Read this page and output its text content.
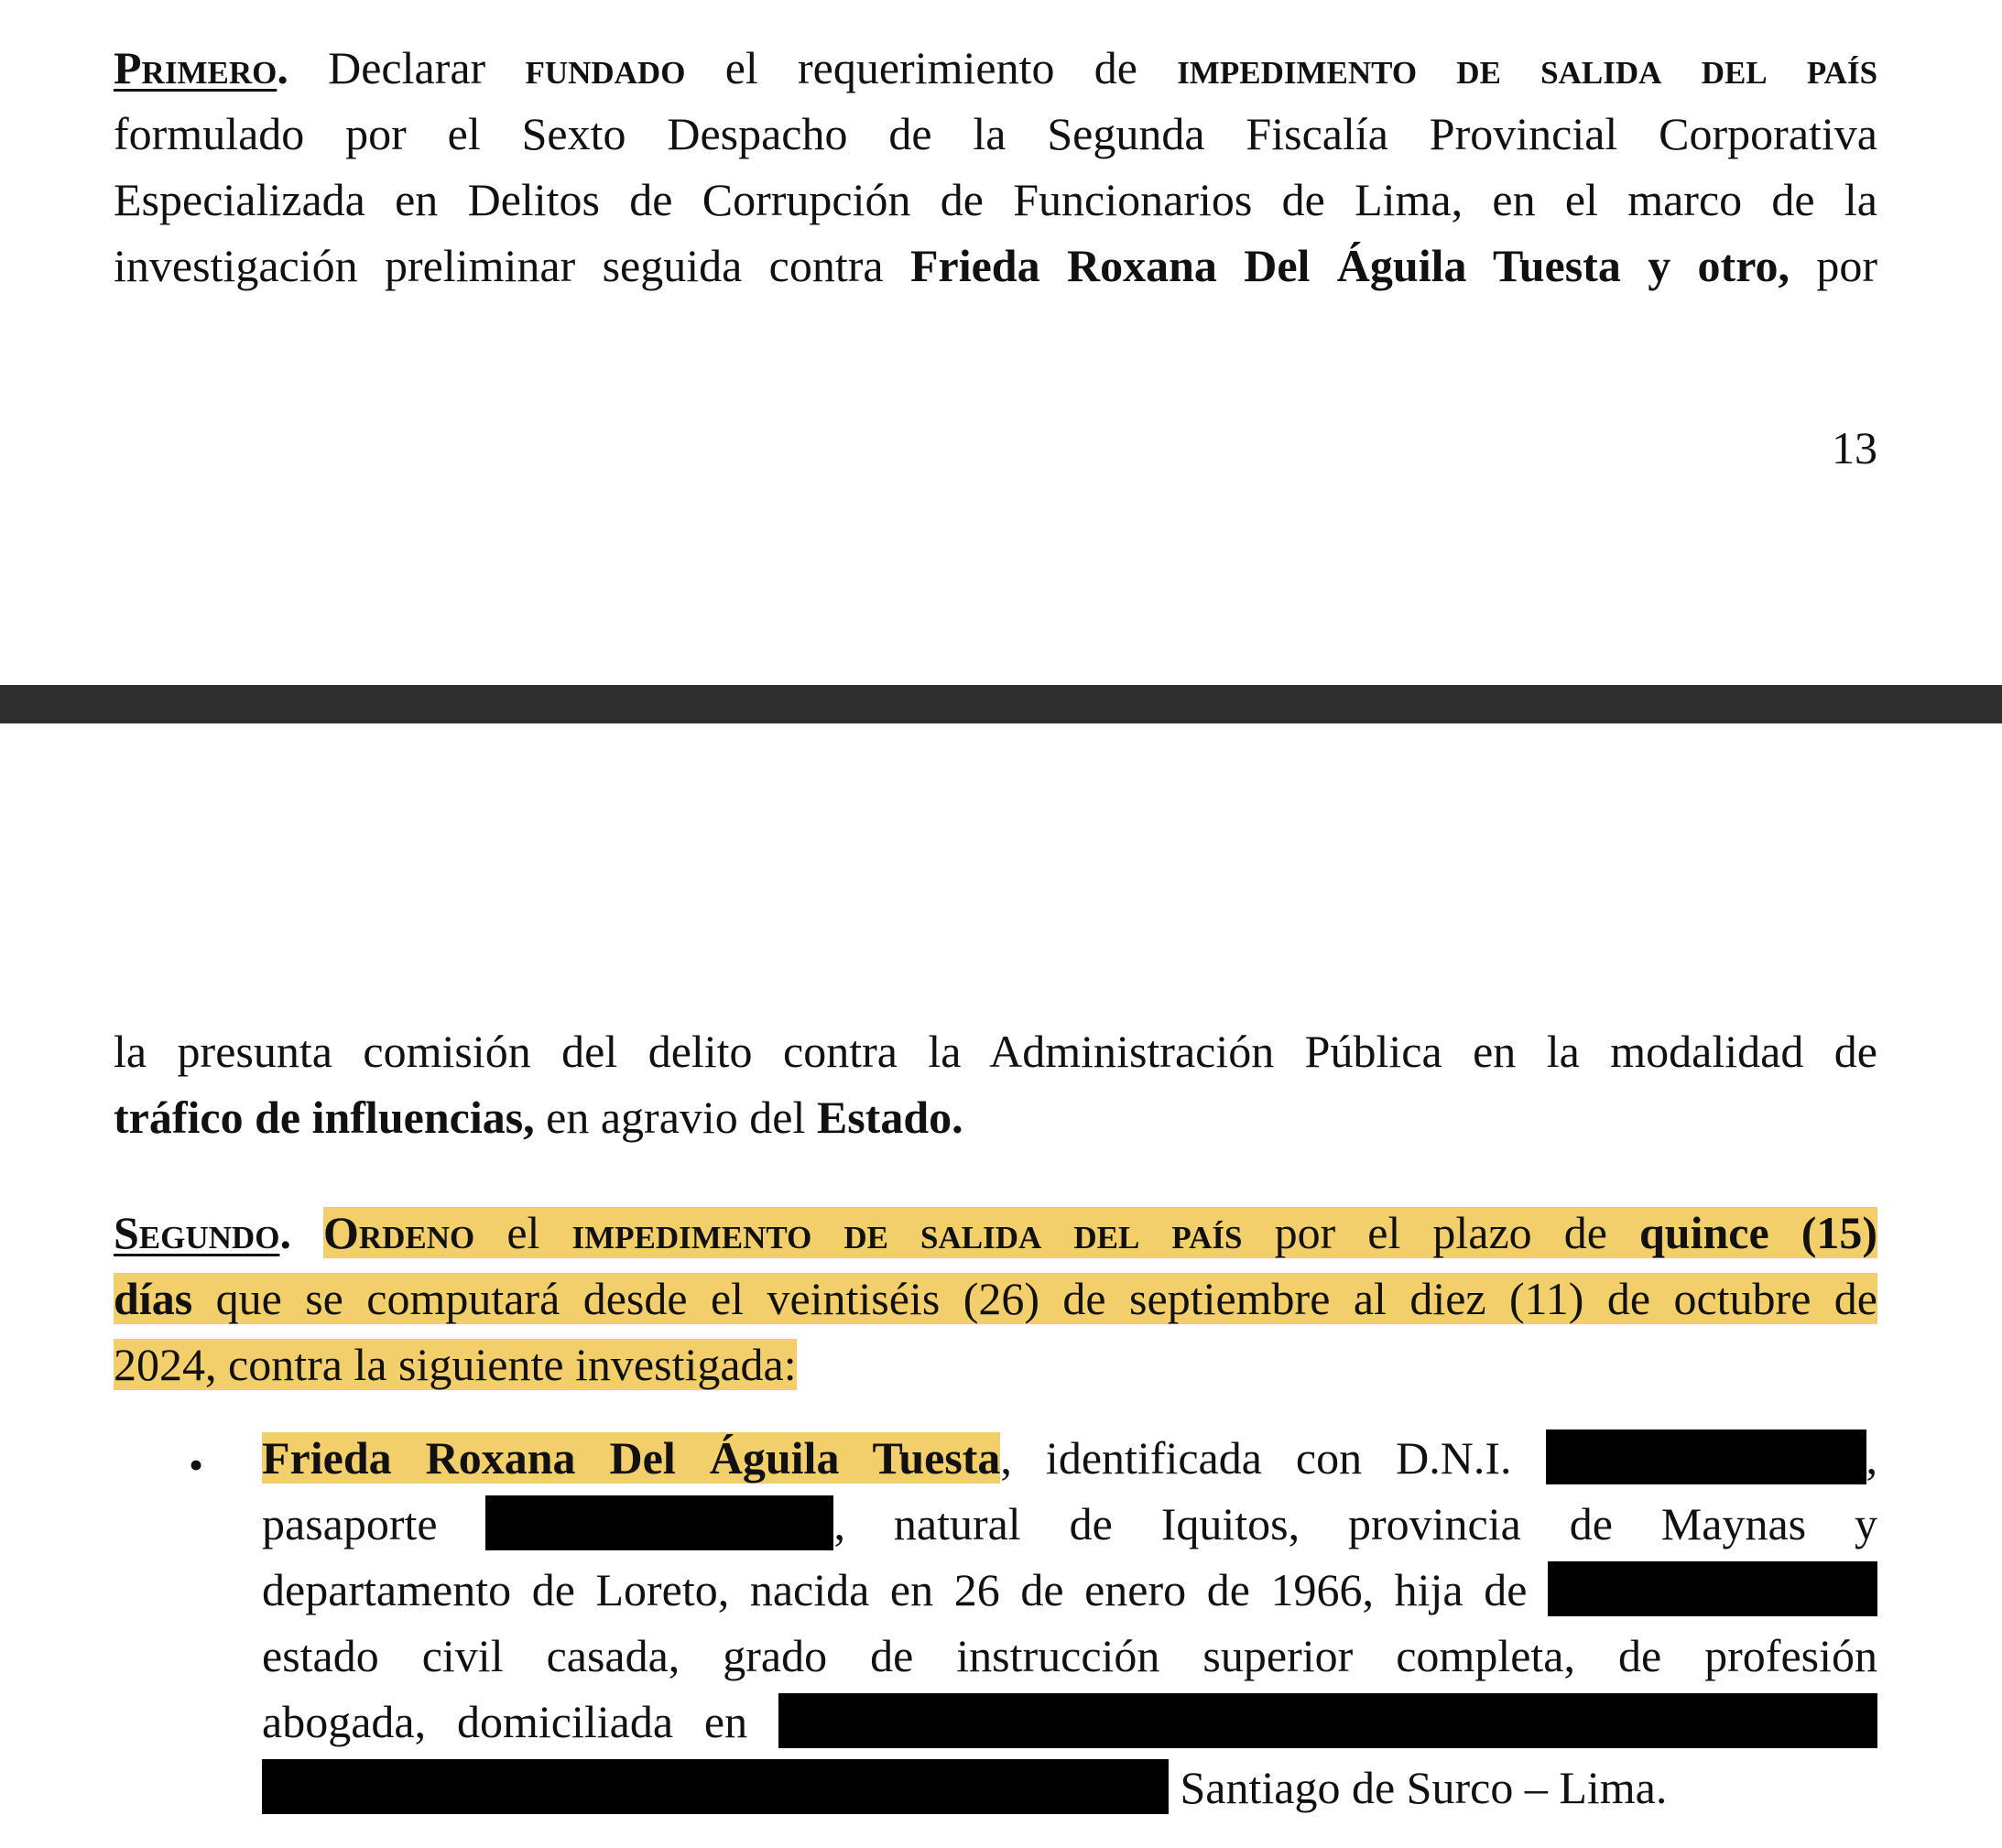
Primero. Declarar fundado el requerimiento de impedimento de salida del país
formulado por el Sexto Despacho de la Segunda Fiscalía Provincial Corporativa
Especializada en Delitos de Corrupción de Funcionarios de Lima, en el marco de la
investigación preliminar seguida contra Frieda Roxana Del Águila Tuesta y otro, por
13
la presunta comisión del delito contra la Administración Pública en la modalidad de
tráfico de influencias, en agravio del Estado.
Segundo. Ordeno el impedimento de salida del país por el plazo de quince (15)
días que se computará desde el veintiséis (26) de septiembre al diez (11) de octubre de
2024, contra la siguiente investigada:
• Frieda Roxana Del Águila Tuesta, identificada con D.N.I.	,
pasaporte	, natural de Iquitos, provincia de Maynas y
departamento de Loreto, nacida en 26 de enero de 1966, hija de
estado civil casada, grado de instrucción superior completa, de profesión
abogada, domiciliada en
Santiago de Surco – Lima.
